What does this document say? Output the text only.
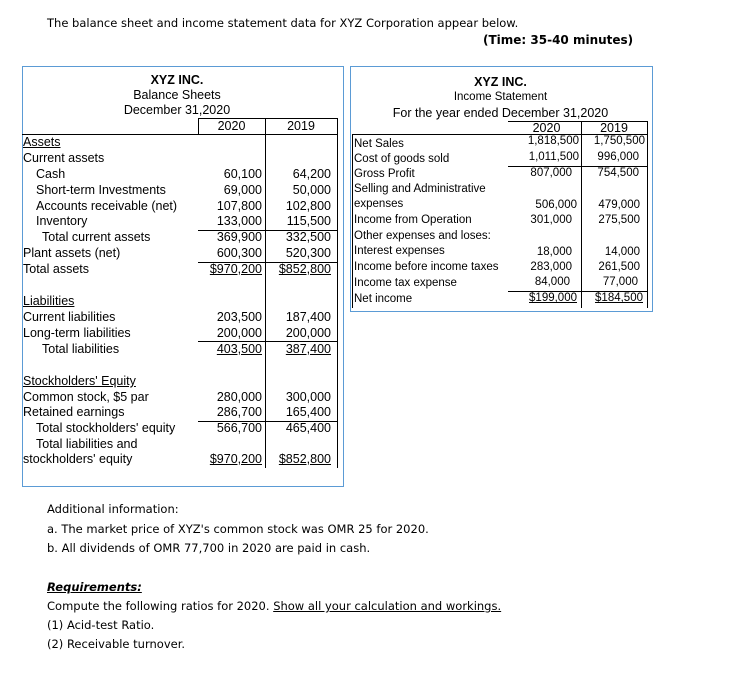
The balance sheet and income statement data for XYZ Corporation appear below.
(Time: 35-40 minutes)
XYZ INC.
Balance Sheets
December 31,2020
2020	2019
Assets
Current assets
Cash	60,100	64,200
Short-term Investments	69,000	50,000
Accounts receivable (net)	107,800	102,800
Inventory	133,000	115,500
Total current assets	369,900	332,500
Plant assets (net)	600,300	520,300
Total assets	$970,200	$852,800
Liabilities
Current liabilities	203,500	187,400
Long-term liabilities	200,000	200,000
Total liabilities	403,500	387,400
Stockholders' Equity
Common stock, $5 par	280,000	300,000
Retained earnings	286,700	165,400
Total stockholders' equity	566,700	465,400
Total liabilities and
stockholders' equity	$970,200	$852,800
XYZ INC.
Income Statement
For the year ended December 31,2020
2020	2019
Net Sales	1,818,500	1,750,500
Cost of goods sold	1,011,500	996,000
Gross Profit	807,000	754,500
Selling and Administrative
expenses	506,000	479,000
Income from Operation	301,000	275,500
Other expenses and loses:
Interest expenses	18,000	14,000
Income before income taxes	283,000	261,500
Income tax expense	84,000	77,000
Net income	$199,000	$184,500
Additional information:
a. The market price of XYZ's common stock was OMR 25 for 2020.
b. All dividends of OMR 77,700 in 2020 are paid in cash.
Requirements:
Compute the following ratios for 2020. Show all your calculation and workings.
(1) Acid-test Ratio.
(2) Receivable turnover.
